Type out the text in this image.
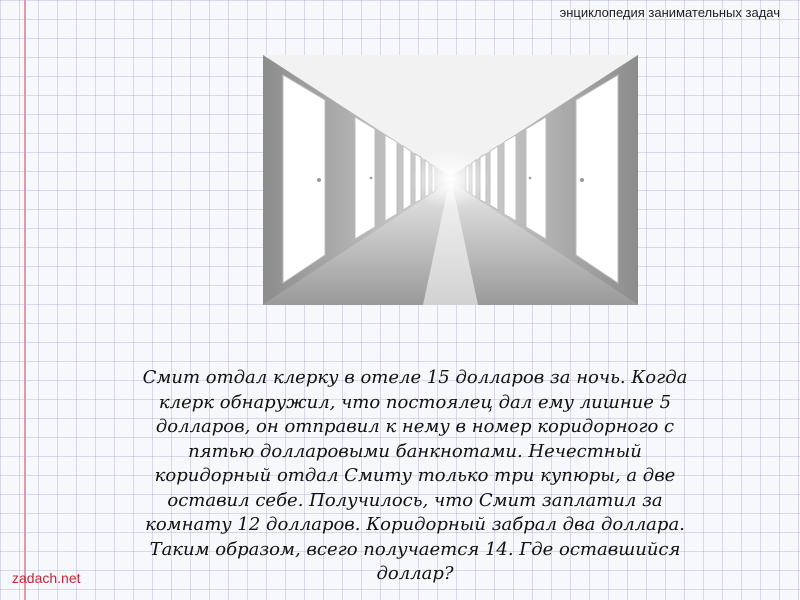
энциклопедия занимательных задач
Смит отдал клерку в отеле 15 долларов за ночь. Когда клерк обнаружил, что постоялец дал ему лишние 5 долларов, он отправил к нему в номер коридорного с пятью долларовыми банкнотами. Нечестный коридорный отдал Смиту только три купюры, а две оставил себе. Получилось, что Смит заплатил за комнату 12 долларов. Коридорный забрал два доллара. Таким образом, всего получается 14. Где оставшийся доллар?
zadach.net
